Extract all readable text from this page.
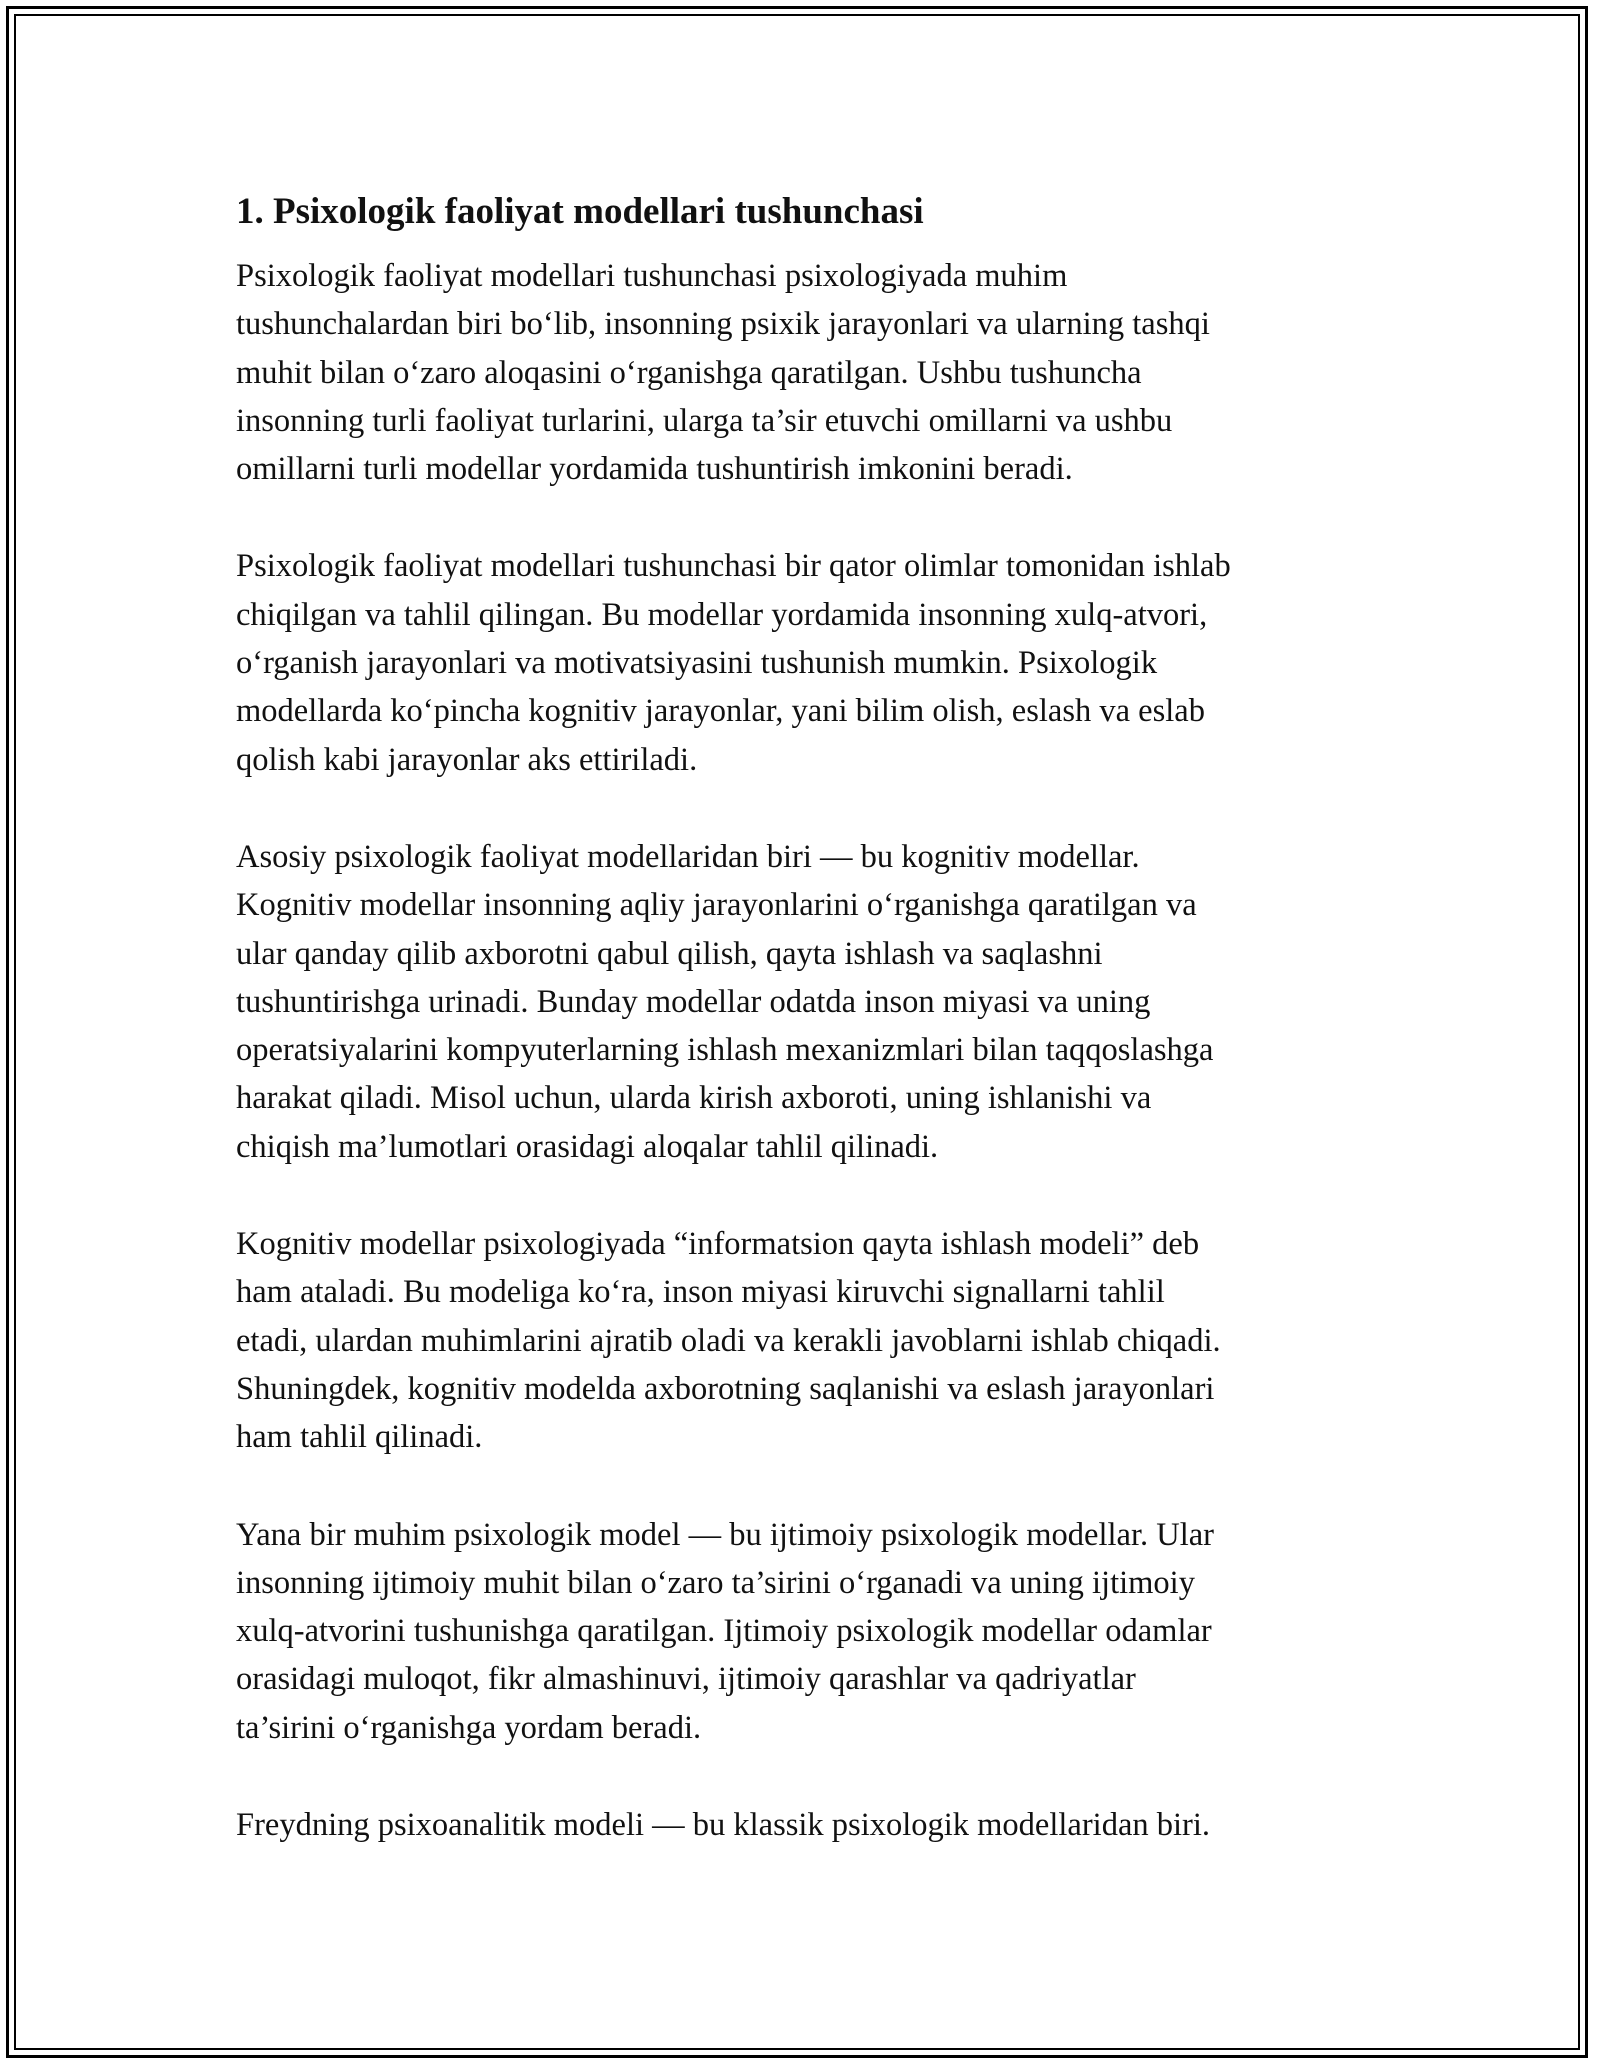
1. Psixologik faoliyat modellari tushunchasi

Psixologik faoliyat modellari tushunchasi psixologiyada muhim
tushunchalardan biri bo‘lib, insonning psixik jarayonlari va ularning tashqi
muhit bilan o‘zaro aloqasini o‘rganishga qaratilgan. Ushbu tushuncha
insonning turli faoliyat turlarini, ularga ta’sir etuvchi omillarni va ushbu
omillarni turli modellar yordamida tushuntirish imkonini beradi.

Psixologik faoliyat modellari tushunchasi bir qator olimlar tomonidan ishlab
chiqilgan va tahlil qilingan. Bu modellar yordamida insonning xulq-atvori,
o‘rganish jarayonlari va motivatsiyasini tushunish mumkin. Psixologik
modellarda ko‘pincha kognitiv jarayonlar, yani bilim olish, eslash va eslab
qolish kabi jarayonlar aks ettiriladi.

Asosiy psixologik faoliyat modellaridan biri — bu kognitiv modellar.
Kognitiv modellar insonning aqliy jarayonlarini o‘rganishga qaratilgan va
ular qanday qilib axborotni qabul qilish, qayta ishlash va saqlashni
tushuntirishga urinadi. Bunday modellar odatda inson miyasi va uning
operatsiyalarini kompyuterlarning ishlash mexanizmlari bilan taqqoslashga
harakat qiladi. Misol uchun, ularda kirish axboroti, uning ishlanishi va
chiqish ma’lumotlari orasidagi aloqalar tahlil qilinadi.

Kognitiv modellar psixologiyada “informatsion qayta ishlash modeli” deb
ham ataladi. Bu modeliga ko‘ra, inson miyasi kiruvchi signallarni tahlil
etadi, ulardan muhimlarini ajratib oladi va kerakli javoblarni ishlab chiqadi.
Shuningdek, kognitiv modelda axborotning saqlanishi va eslash jarayonlari
ham tahlil qilinadi.

Yana bir muhim psixologik model — bu ijtimoiy psixologik modellar. Ular
insonning ijtimoiy muhit bilan o‘zaro ta’sirini o‘rganadi va uning ijtimoiy
xulq-atvorini tushunishga qaratilgan. Ijtimoiy psixologik modellar odamlar
orasidagi muloqot, fikr almashinuvi, ijtimoiy qarashlar va qadriyatlar
ta’sirini o‘rganishga yordam beradi.

Freydning psixoanalitik modeli — bu klassik psixologik modellaridan biri.
